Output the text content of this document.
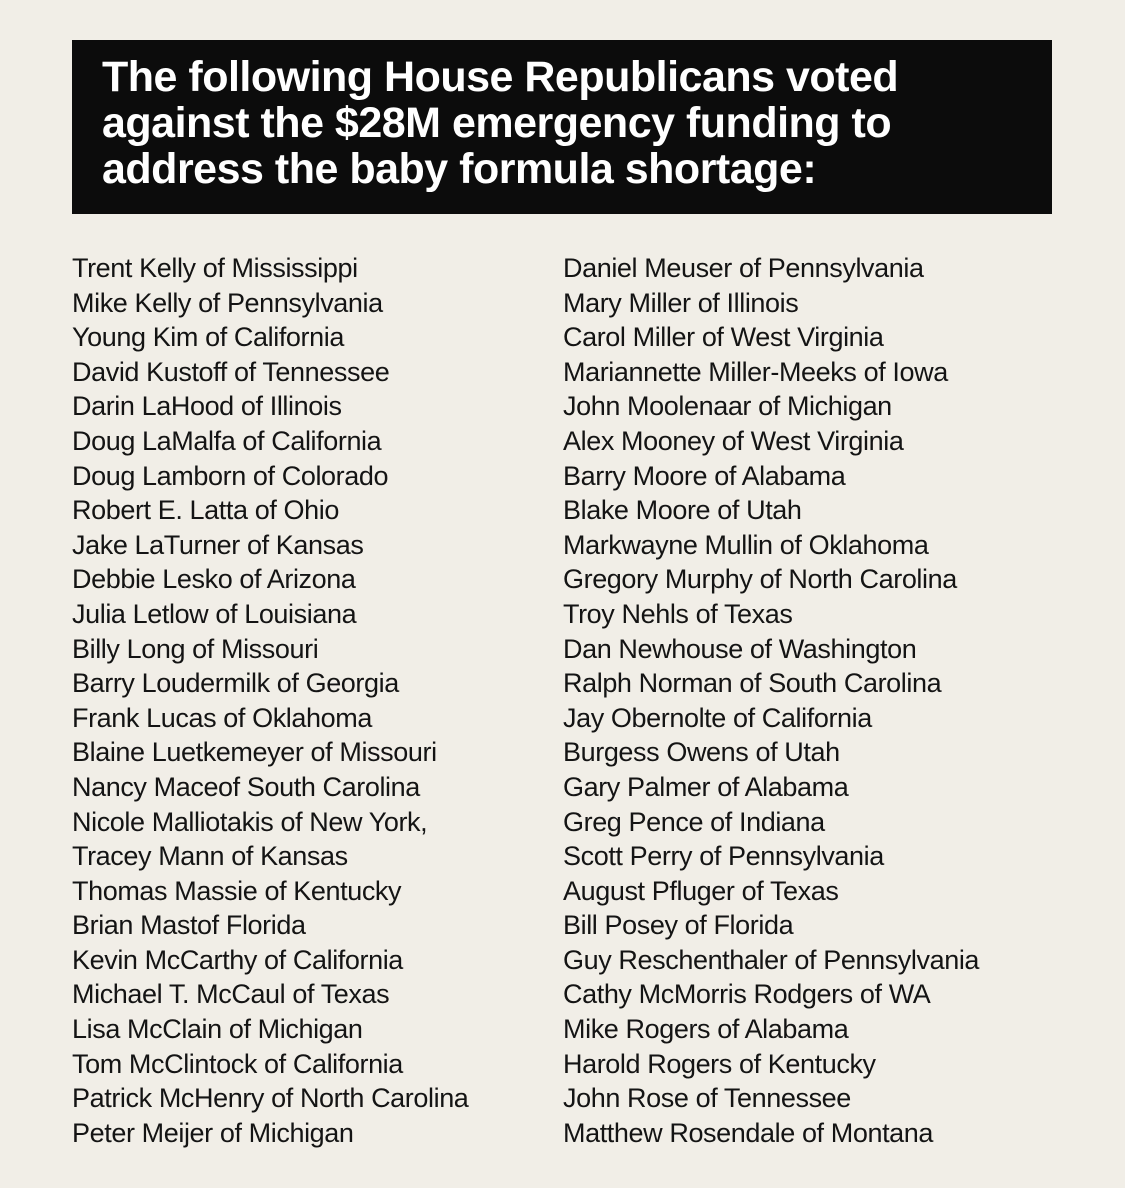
The following House Republicans voted against the $28M emergency funding to address the baby formula shortage:
Trent Kelly of Mississippi
Mike Kelly of Pennsylvania
Young Kim of California
David Kustoff of Tennessee
Darin LaHood of Illinois
Doug LaMalfa of California
Doug Lamborn of Colorado
Robert E. Latta of Ohio
Jake LaTurner of Kansas
Debbie Lesko of Arizona
Julia Letlow of Louisiana
Billy Long of Missouri
Barry Loudermilk of Georgia
Frank Lucas of Oklahoma
Blaine Luetkemeyer of Missouri
Nancy Maceof South Carolina
Nicole Malliotakis of New York,
Tracey Mann of Kansas
Thomas Massie of Kentucky
Brian Mastof Florida
Kevin McCarthy of California
Michael T. McCaul of Texas
Lisa McClain of Michigan
Tom McClintock of California
Patrick McHenry of North Carolina
Peter Meijer of Michigan
Daniel Meuser of Pennsylvania
Mary Miller of Illinois
Carol Miller of West Virginia
Mariannette Miller-Meeks of Iowa
John Moolenaar of Michigan
Alex Mooney of West Virginia
Barry Moore of Alabama
Blake Moore of Utah
Markwayne Mullin of Oklahoma
Gregory Murphy of North Carolina
Troy Nehls of Texas
Dan Newhouse of Washington
Ralph Norman of South Carolina
Jay Obernolte of California
Burgess Owens of Utah
Gary Palmer of Alabama
Greg Pence of Indiana
Scott Perry of Pennsylvania
August Pfluger of Texas
Bill Posey of Florida
Guy Reschenthaler of Pennsylvania
Cathy McMorris Rodgers of WA
Mike Rogers of Alabama
Harold Rogers of Kentucky
John Rose of Tennessee
Matthew Rosendale of Montana
